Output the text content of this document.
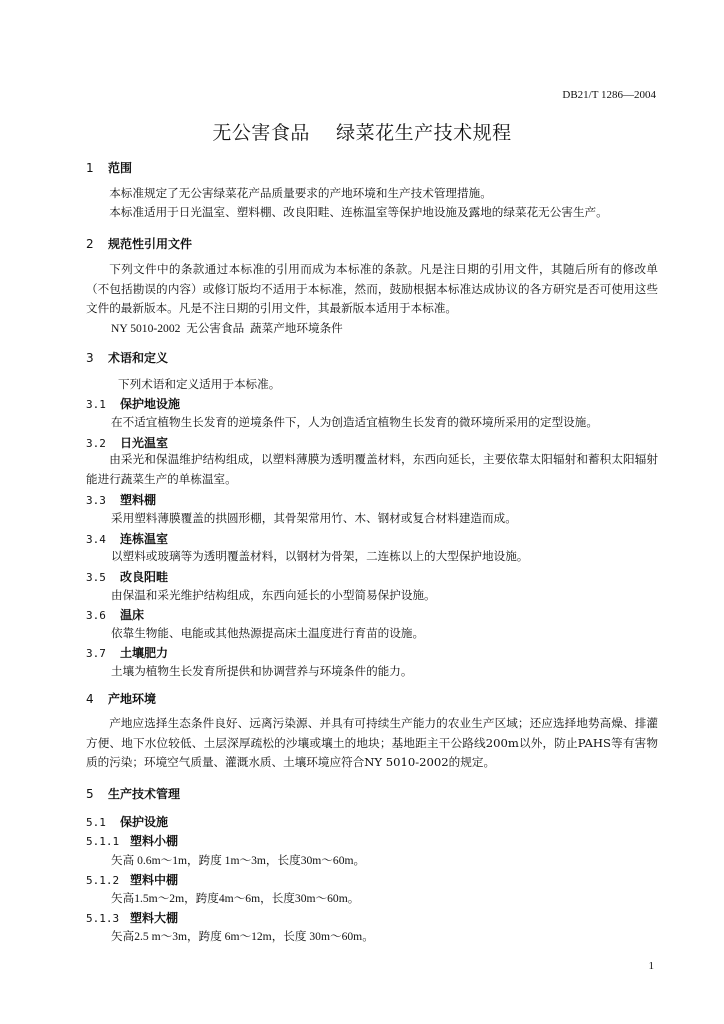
DB21/T 1286—2004
无公害食品    绿菜花生产技术规程
1 范围
本标准规定了无公害绿菜花产品质量要求的产地环境和生产技术管理措施。
本标准适用于日光温室、塑料棚、改良阳畦、连栋温室等保护地设施及露地的绿菜花无公害生产。
2 规范性引用文件
下列文件中的条款通过本标准的引用而成为本标准的条款。凡是注日期的引用文件，其随后所有的修改单（不包括勘误的内容）或修订版均不适用于本标准，然而，鼓励根据本标准达成协议的各方研究是否可使用这些文件的最新版本。凡是不注日期的引用文件，其最新版本适用于本标准。
NY 5010-2002  无公害食品  蔬菜产地环境条件
3 术语和定义
下列术语和定义适用于本标准。
3.1 保护地设施
在不适宜植物生长发育的逆境条件下，人为创造适宜植物生长发育的微环境所采用的定型设施。
3.2 日光温室
由采光和保温维护结构组成，以塑料薄膜为透明覆盖材料，东西向延长，主要依靠太阳辐射和蓄积太阳辐射能进行蔬菜生产的单栋温室。
3.3 塑料棚
采用塑料薄膜覆盖的拱圆形棚，其骨架常用竹、木、钢材或复合材料建造而成。
3.4 连栋温室
以塑料或玻璃等为透明覆盖材料，以钢材为骨架，二连栋以上的大型保护地设施。
3.5 改良阳畦
由保温和采光维护结构组成，东西向延长的小型简易保护设施。
3.6 温床
依靠生物能、电能或其他热源提高床土温度进行育苗的设施。
3.7 土壤肥力
土壤为植物生长发育所提供和协调营养与环境条件的能力。
4 产地环境
产地应选择生态条件良好、远离污染源、并具有可持续生产能力的农业生产区域；还应选择地势高燥、排灌方便、地下水位较低、土层深厚疏松的沙壤或壤土的地块；基地距主干公路线200m以外，防止PAHS等有害物质的污染；环境空气质量、灌溉水质、土壤环境应符合NY 5010-2002的规定。
5 生产技术管理
5.1 保护设施
5.1.1 塑料小棚
矢高 0.6m～1m，跨度 1m～3m，长度30m～60m。
5.1.2 塑料中棚
矢高1.5m～2m，跨度4m～6m，长度30m～60m。
5.1.3 塑料大棚
矢高2.5 m～3m，跨度 6m～12m，长度 30m～60m。
1
